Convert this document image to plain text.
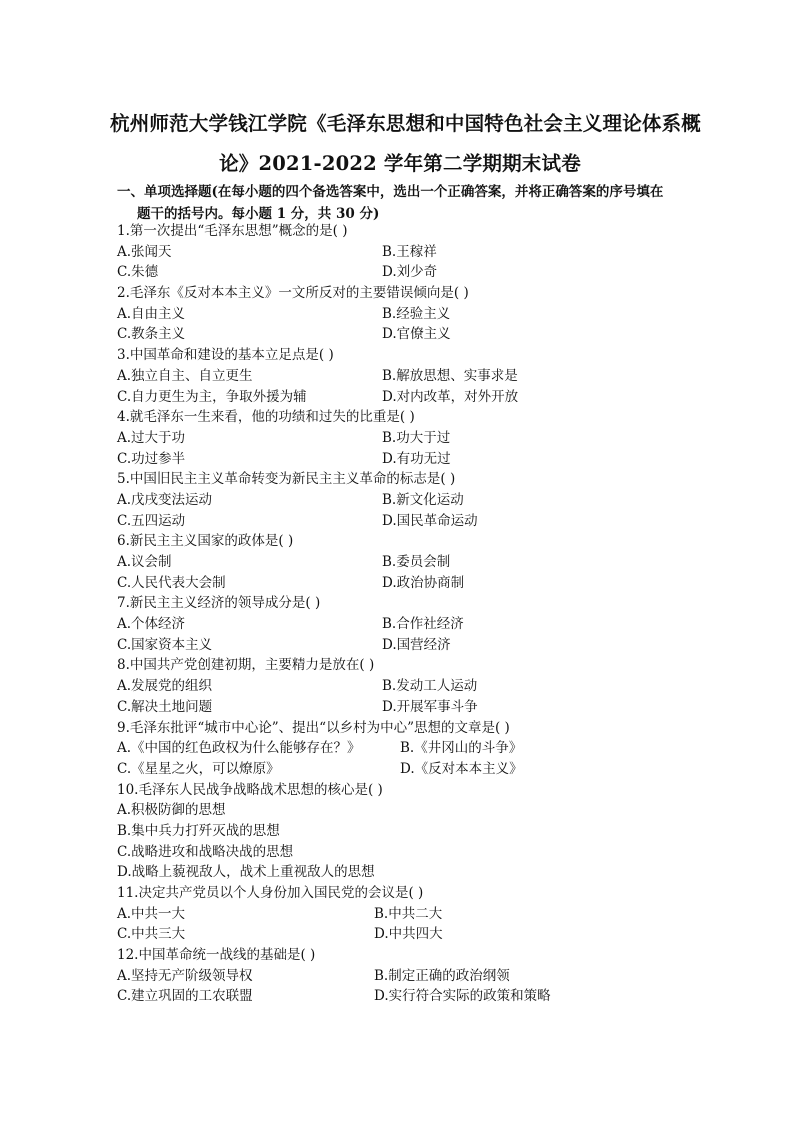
杭州师范大学钱江学院《毛泽东思想和中国特色社会主义理论体系概
论》2021-2022 学年第二学期期末试卷
一、单项选择题(在每小题的四个备选答案中，选出一个正确答案，并将正确答案的序号填在
题干的括号内。每小题 1 分，共 30 分)
1.第一次提出“毛泽东思想”概念的是( )
A.张闻天	B.王稼祥
C.朱德	D.刘少奇
2.毛泽东《反对本本主义》一文所反对的主要错误倾向是( )
A.自由主义	B.经验主义
C.教条主义	D.官僚主义
3.中国革命和建设的基本立足点是( )
A.独立自主、自立更生	B.解放思想、实事求是
C.自力更生为主，争取外援为辅	D.对内改革，对外开放
4.就毛泽东一生来看，他的功绩和过失的比重是( )
A.过大于功	B.功大于过
C.功过参半	D.有功无过
5.中国旧民主主义革命转变为新民主主义革命的标志是( )
A.戊戌变法运动	B.新文化运动
C.五四运动	D.国民革命运动
6.新民主主义国家的政体是( )
A.议会制	B.委员会制
C.人民代表大会制	D.政治协商制
7.新民主主义经济的领导成分是( )
A.个体经济	B.合作社经济
C.国家资本主义	D.国营经济
8.中国共产党创建初期，主要精力是放在( )
A.发展党的组织	B.发动工人运动
C.解决土地问题	D.开展军事斗争
9.毛泽东批评“城市中心论”、提出“以乡村为中心”思想的文章是( )
A.《中国的红色政权为什么能够存在？》	B.《井冈山的斗争》
C.《星星之火，可以燎原》	D.《反对本本主义》
10.毛泽东人民战争战略战术思想的核心是( )
A.积极防御的思想
B.集中兵力打歼灭战的思想
C.战略进攻和战略决战的思想
D.战略上藐视敌人，战术上重视敌人的思想
11.决定共产党员以个人身份加入国民党的会议是( )
A.中共一大	B.中共二大
C.中共三大	D.中共四大
12.中国革命统一战线的基础是( )
A.坚持无产阶级领导权	B.制定正确的政治纲领
C.建立巩固的工农联盟	D.实行符合实际的政策和策略
